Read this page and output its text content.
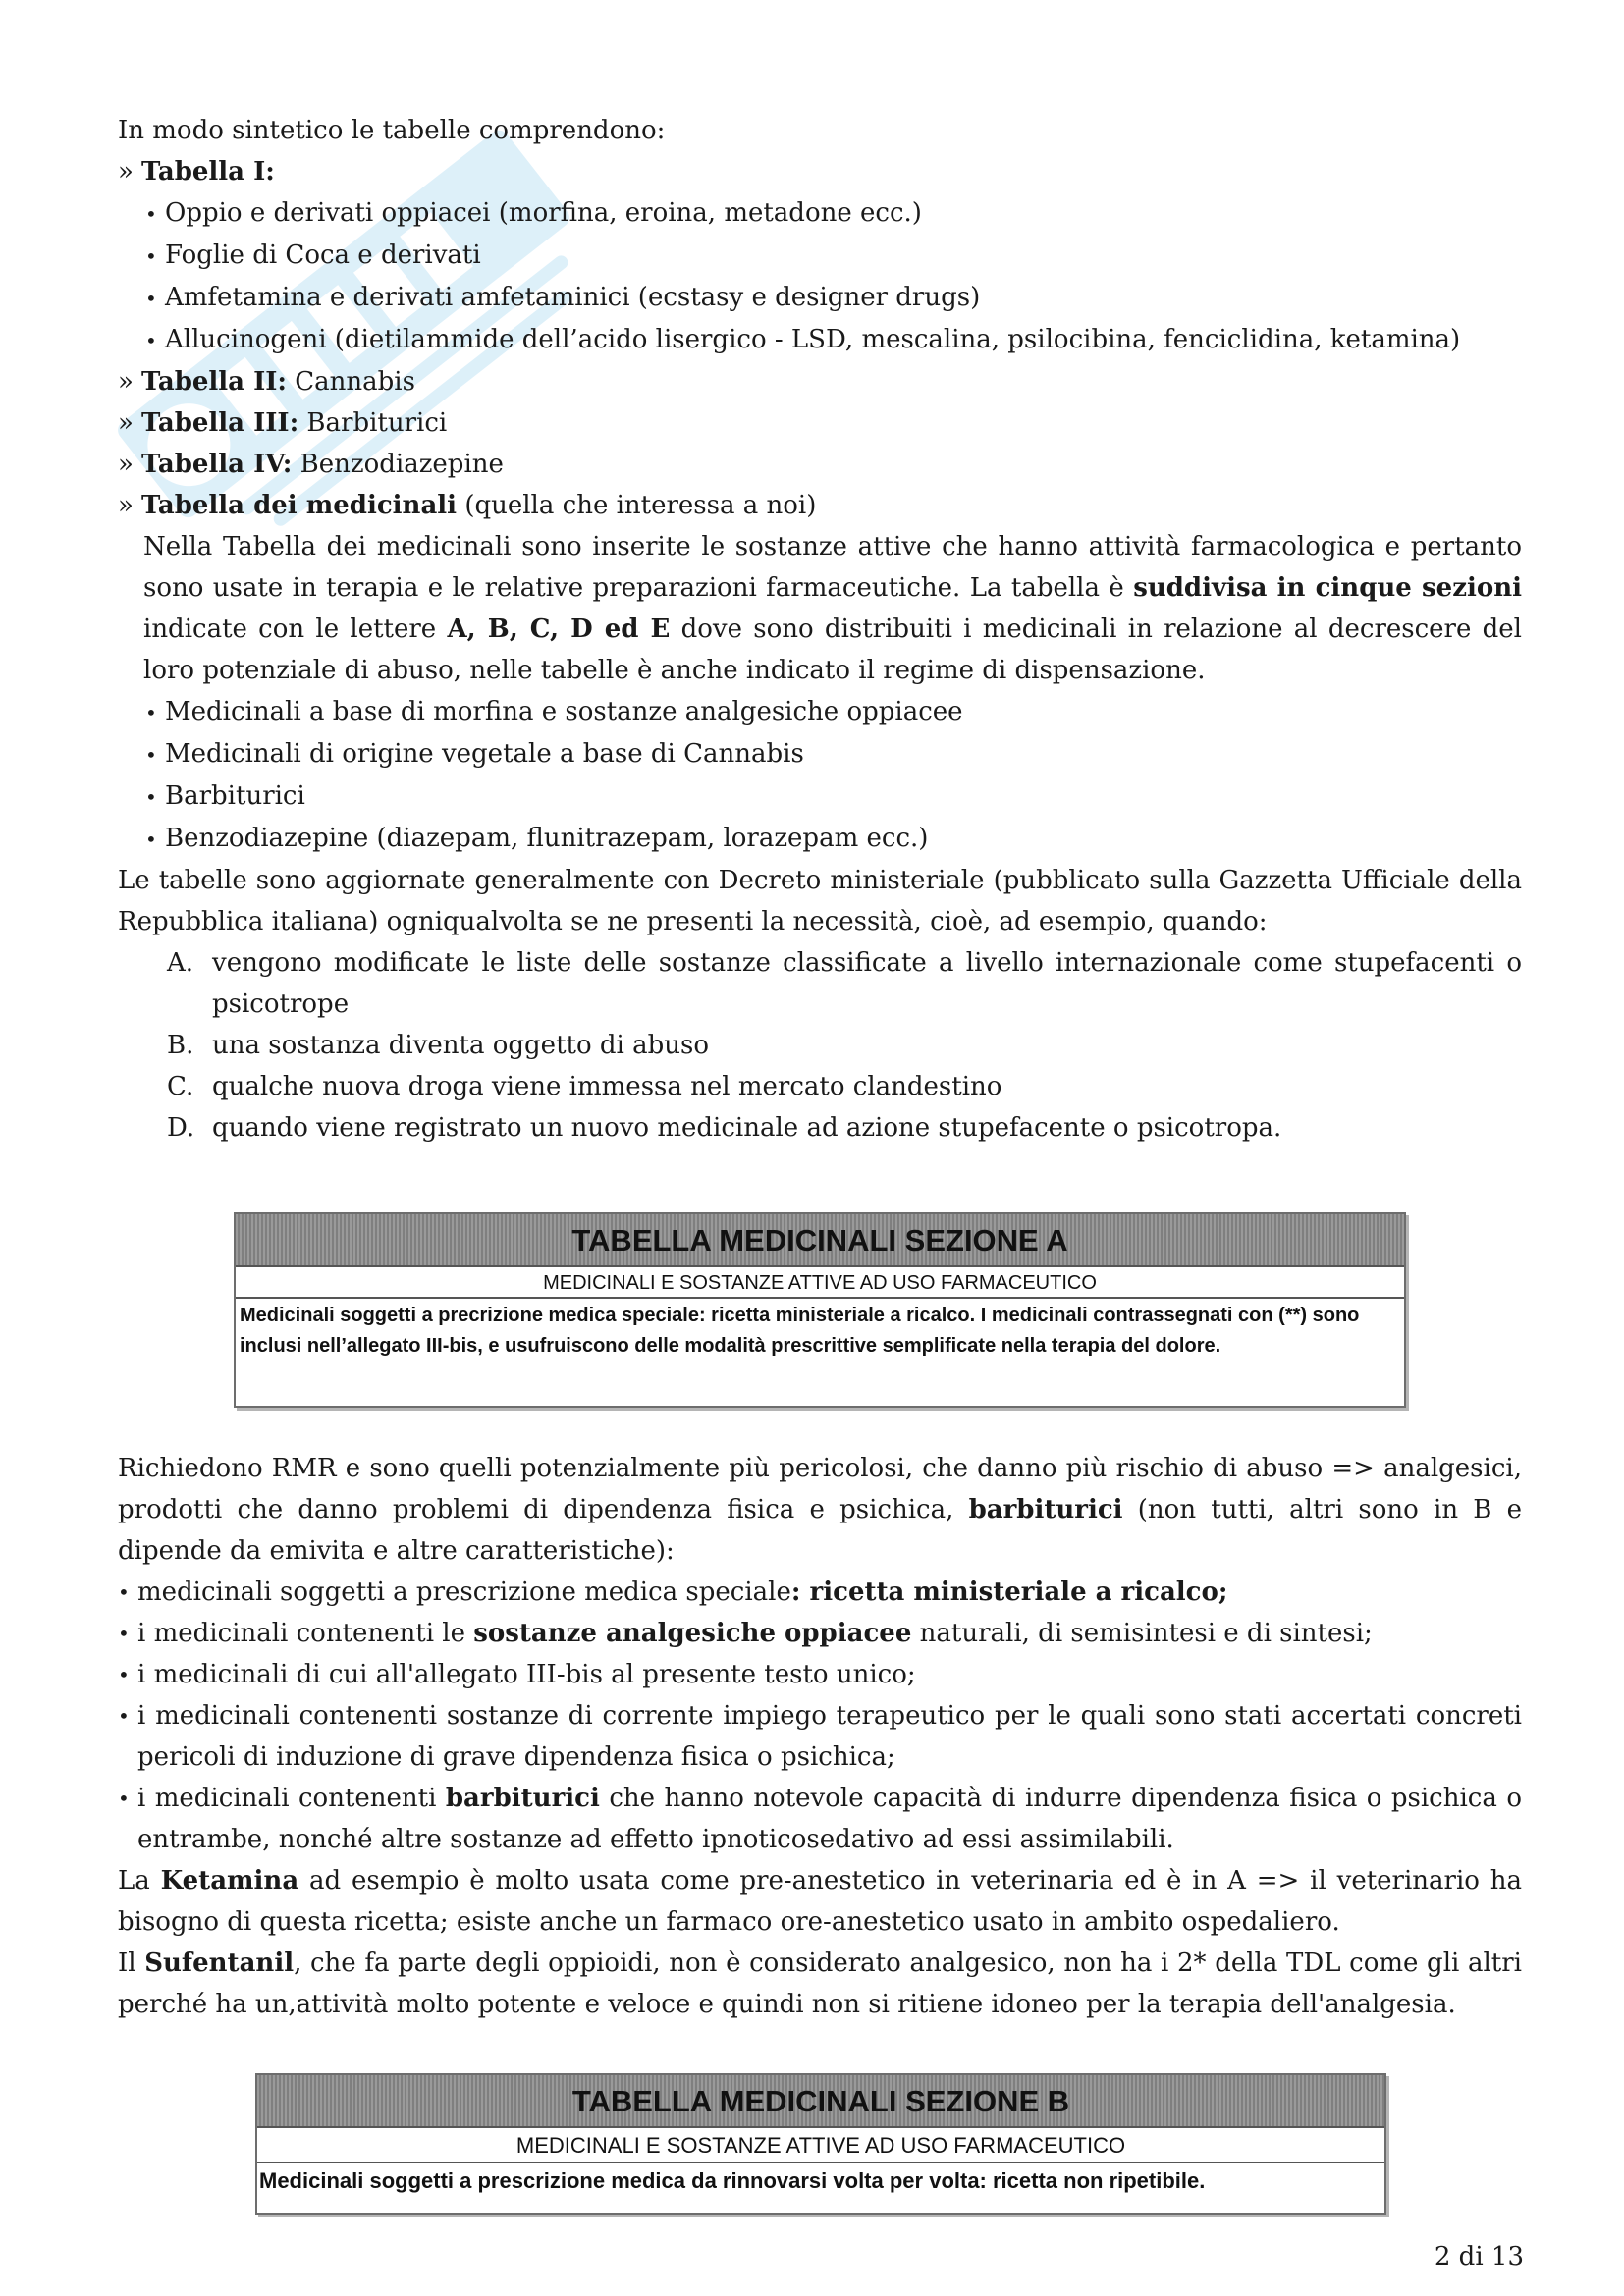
In modo sintetico le tabelle comprendono:
» Tabella I:
• Oppio e derivati oppiacei (morfina, eroina, metadone ecc.)
• Foglie di Coca e derivati
• Amfetamina e derivati amfetaminici (ecstasy e designer drugs)
• Allucinogeni (dietilammide dell’acido lisergico - LSD, mescalina, psilocibina, fenciclidina, ketamina)
» Tabella II: Cannabis
» Tabella III: Barbiturici
» Tabella IV: Benzodiazepine
» Tabella dei medicinali (quella che interessa a noi)
Nella Tabella dei medicinali sono inserite le sostanze attive che hanno attività farmacologica e pertanto sono usate in terapia e le relative preparazioni farmaceutiche. La tabella è suddivisa in cinque sezioni indicate con le lettere A, B, C, D ed E dove sono distribuiti i medicinali in relazione al decrescere del loro potenziale di abuso, nelle tabelle è anche indicato il regime di dispensazione.
• Medicinali a base di morfina e sostanze analgesiche oppiacee
• Medicinali di origine vegetale a base di Cannabis
• Barbiturici
• Benzodiazepine (diazepam, flunitrazepam, lorazepam ecc.)
Le tabelle sono aggiornate generalmente con Decreto ministeriale (pubblicato sulla Gazzetta Ufficiale della Repubblica italiana) ogniqualvolta se ne presenti la necessità, cioè, ad esempio, quando:
A. vengono modificate le liste delle sostanze classificate a livello internazionale come stupefacenti o psicotrope
B. una sostanza diventa oggetto di abuso
C. qualche nuova droga viene immessa nel mercato clandestino
D. quando viene registrato un nuovo medicinale ad azione stupefacente o psicotropa.
TABELLA MEDICINALI SEZIONE A
MEDICINALI E SOSTANZE ATTIVE AD USO FARMACEUTICO
Medicinali soggetti a precrizione medica speciale: ricetta ministeriale a ricalco. I medicinali contrassegnati con (**) sono inclusi nell’allegato III-bis, e usufruiscono delle modalità prescrittive semplificate nella terapia del dolore.
Richiedono RMR e sono quelli potenzialmente più pericolosi, che danno più rischio di abuso => analgesici, prodotti che danno problemi di dipendenza fisica e psichica, barbiturici (non tutti, altri sono in B e dipende da emivita e altre caratteristiche):
• medicinali soggetti a prescrizione medica speciale: ricetta ministeriale a ricalco;
• i medicinali contenenti le sostanze analgesiche oppiacee naturali, di semisintesi e di sintesi;
• i medicinali di cui all'allegato III-bis al presente testo unico;
• i medicinali contenenti sostanze di corrente impiego terapeutico per le quali sono stati accertati concreti pericoli di induzione di grave dipendenza fisica o psichica;
• i medicinali contenenti barbiturici che hanno notevole capacità di indurre dipendenza fisica o psichica o entrambe, nonché altre sostanze ad effetto ipnoticosedativo ad essi assimilabili.
La Ketamina ad esempio è molto usata come pre-anestetico in veterinaria ed è in A => il veterinario ha bisogno di questa ricetta; esiste anche un farmaco ore-anestetico usato in ambito ospedaliero.
Il Sufentanil, che fa parte degli oppioidi, non è considerato analgesico, non ha i 2* della TDL come gli altri perché ha un,attività molto potente e veloce e quindi non si ritiene idoneo per la terapia dell'analgesia.
TABELLA MEDICINALI SEZIONE B
MEDICINALI E SOSTANZE ATTIVE AD USO FARMACEUTICO
Medicinali soggetti a prescrizione medica da rinnovarsi volta per volta: ricetta non ripetibile.
2 di 13
